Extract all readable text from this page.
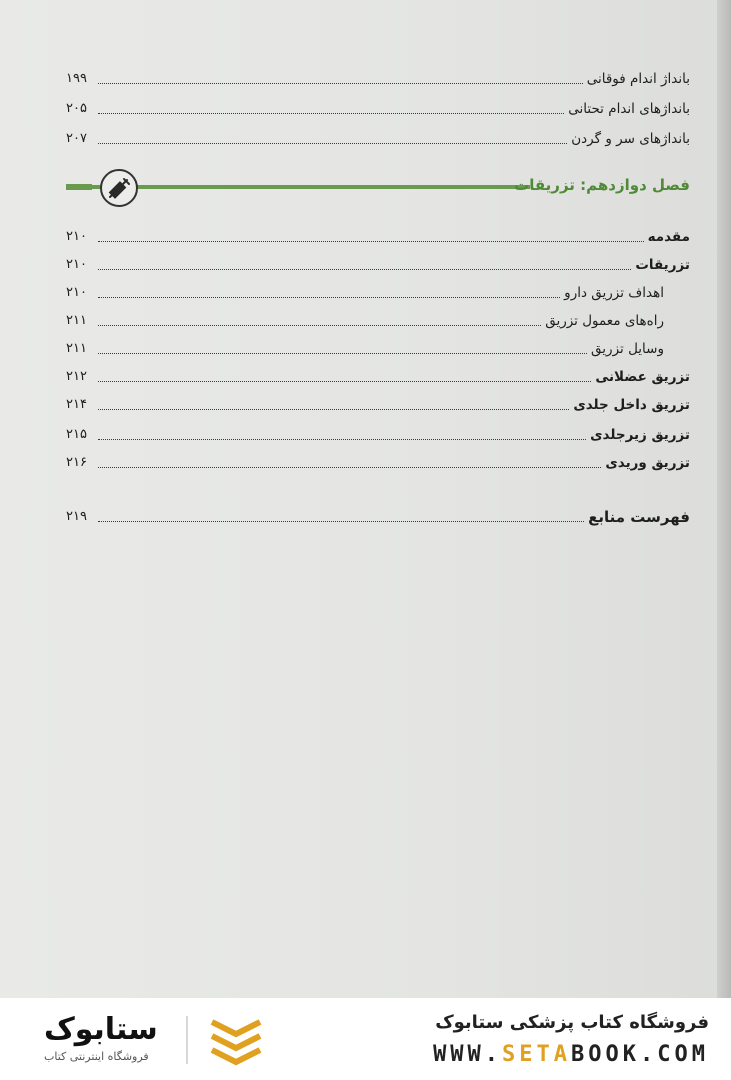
بانداژ اندام فوقانی
۱۹۹
بانداژهای اندام تحتانی
۲۰۵
بانداژهای سر و گردن
۲۰۷
فصل دوازدهم: تزریقات
مقدمه
۲۱۰
تزریقات
۲۱۰
اهداف تزریق دارو
۲۱۰
راه‌های معمول تزریق
۲۱۱
وسایل تزریق
۲۱۱
تزریق عضلانی
۲۱۲
تزریق داخل جلدی
۲۱۴
تزریق زیرجلدی
۲۱۵
تزریق وریدی
۲۱۶
فهرست منابع
۲۱۹
ستابوک
فروشگاه اینترنتی کتاب
فروشگاه کتاب پزشکی ستابوک
WWW.SETABOOK.COM
